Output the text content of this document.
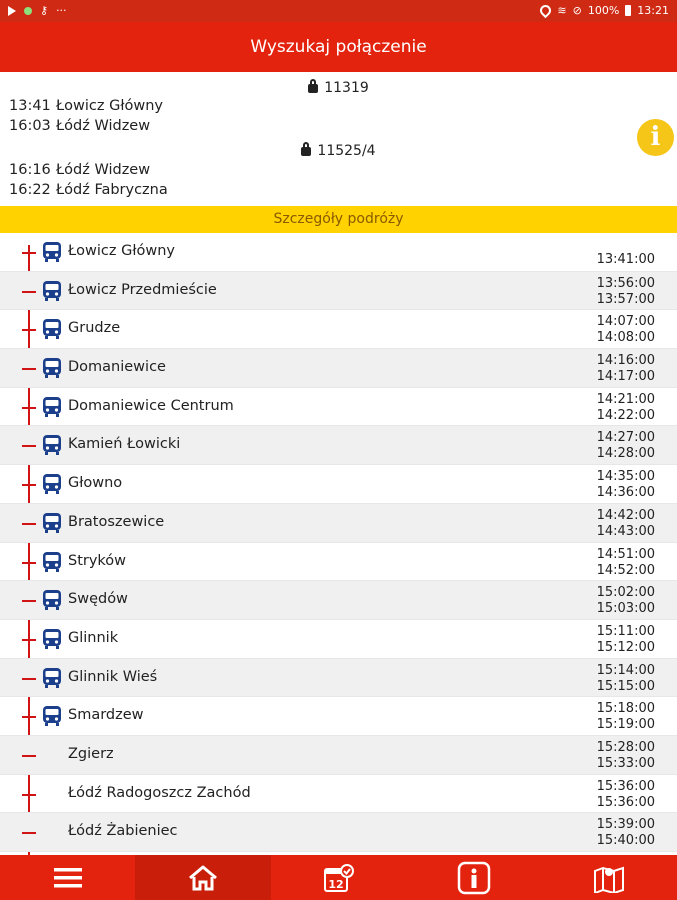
⚷ ···	≋ ⊘ 100% 13:21
Wyszukaj połączenie
11319
13:41 Łowicz Główny
16:03 Łódź Widzew
11525/4
16:16 Łódź Widzew
16:22 Łódź Fabryczna
i
Szczegóły podróży
Łowicz Główny
13:41:00
Łowicz Przedmieście	13:56:00
13:57:00
Grudze	14:07:00
14:08:00
Domaniewice	14:16:00
14:17:00
Domaniewice Centrum	14:21:00
14:22:00
Kamień Łowicki	14:27:00
14:28:00
Głowno	14:35:00
14:36:00
Bratoszewice	14:42:00
14:43:00
Stryków	14:51:00
14:52:00
Swędów	15:02:00
15:03:00
Glinnik	15:11:00
15:12:00
Glinnik Wieś	15:14:00
15:15:00
Smardzew	15:18:00
15:19:00
Zgierz	15:28:00
15:33:00
Łódź Radogoszcz Zachód	15:36:00
15:36:00
Łódź Żabieniec	15:39:00
15:40:00
12
